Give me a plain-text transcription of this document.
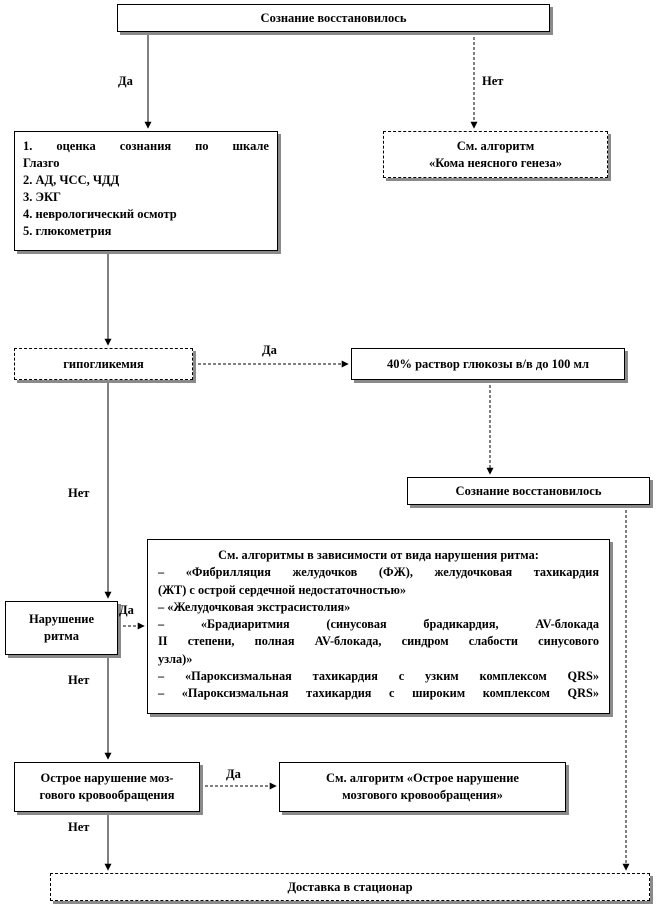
Сознание восстановилось
1. оценка сознания по шкале
Глазго
2. АД, ЧСС, ЧДД
3. ЭКГ
4. неврологический осмотр
5. глюкометрия
См. алгоритм
«Кома неясного генеза»
гипогликемия	40% раствор глюкозы в/в до 100 мл
Сознание восстановилось
Нарушение
ритма
См. алгоритмы в зависимости от вида нарушения ритма:
– «Фибрилляция желудочков (ФЖ), желудочковая тахикардия
(ЖТ) с острой сердечной недостаточностью»
– «Желудочковая экстрасистолия»
– «Брадиаритмия (синусовая брадикардия, AV-блокада
II степени, полная AV-блокада, синдром слабости синусового
узла)»
– «Пароксизмальная тахикардия с узким комплексом QRS»
– «Пароксизмальная тахикардия с широким комплексом QRS»
Острое нарушение моз-
гового кровообращения
См. алгоритм «Острое нарушение
мозгового кровообращения»
Доставка в стационар
Да	Нет
Да
Нет
Да
Нет
Да
Нет
